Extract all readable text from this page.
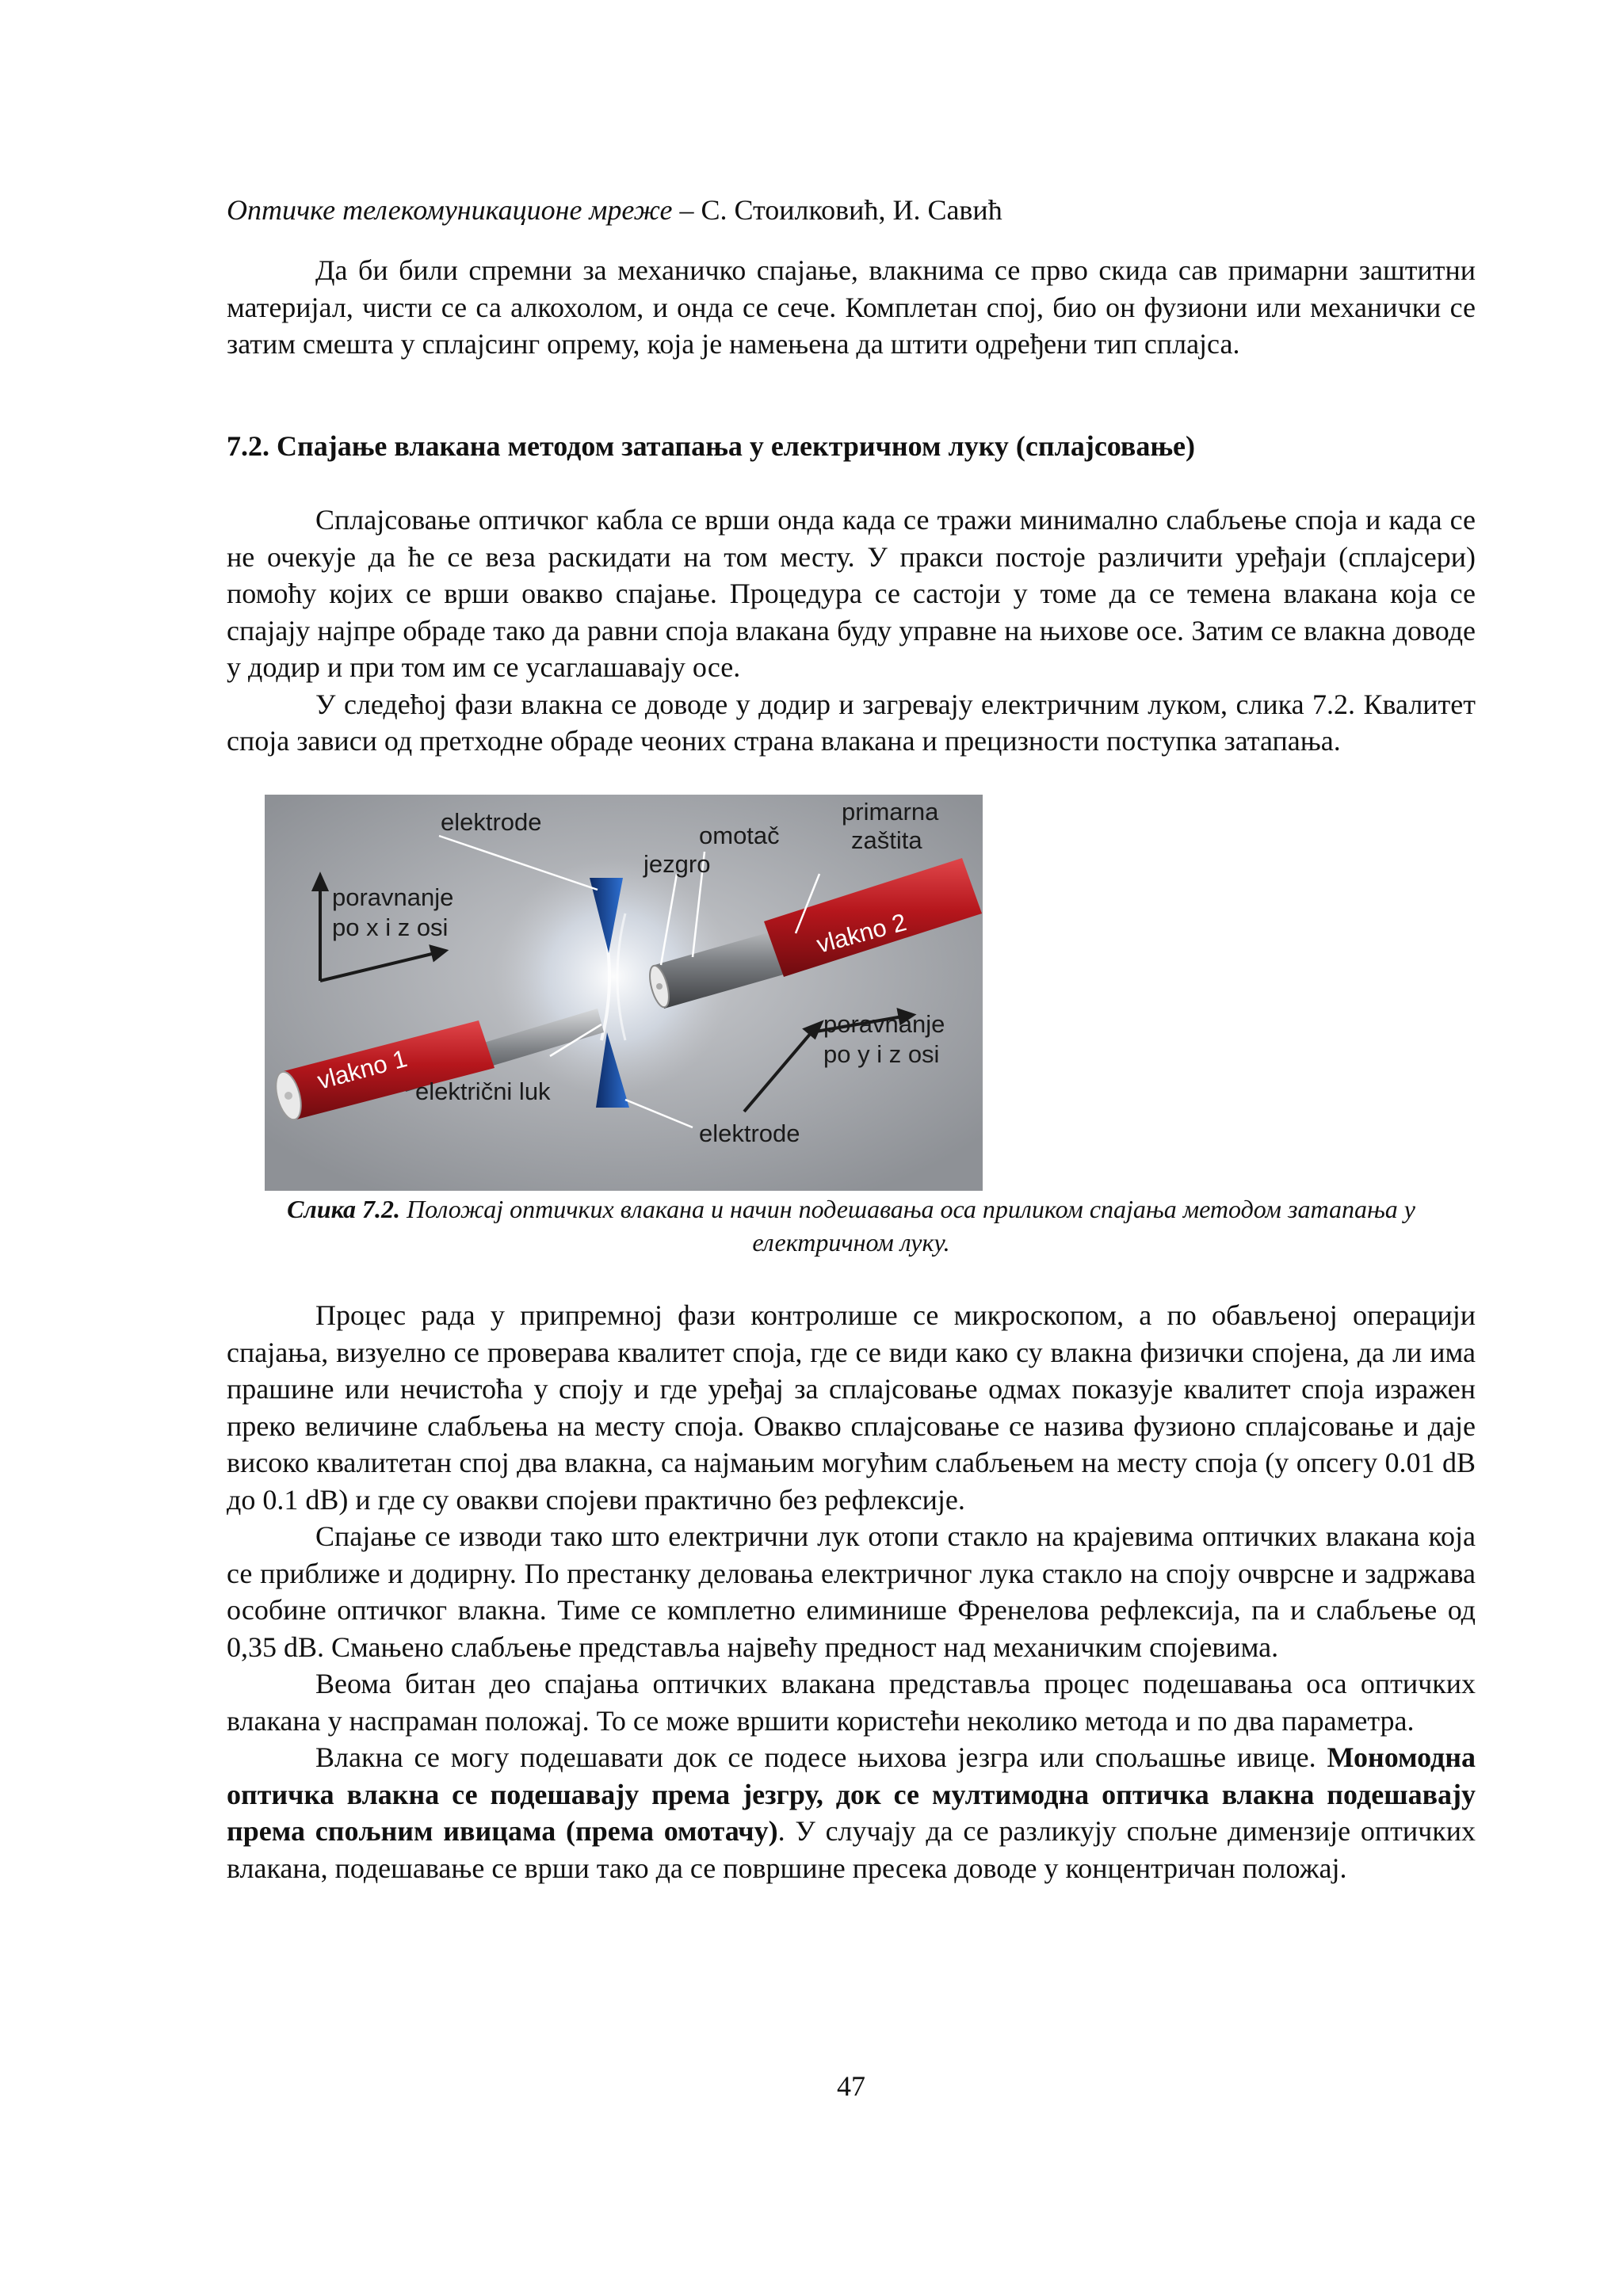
Оптичке телекомуникационе мреже – С. Стоилковић, И. Савић

Да би били спремни за механичко спајање, влакнима се прво скида сав примарни заштитни материјал, чисти се са алкохолом, и онда се сече. Комплетан спој, био он фузиони или механички се затим смешта у сплајсинг опрему, која је намењена да штити одређени тип сплајса.

7.2. Спајање влакана методом затапања у електричном луку (сплајсовање)

Сплајсовање оптичког кабла се врши онда када се тражи минимално слабљење споја и када се не очекује да ће се веза раскидати на том месту. У пракси постоје различити уређаји (сплајсери) помоћу којих се врши овакво спајање. Процедура се састоји у томе да се темена влакана која се спајају најпре обраде тако да равни споја влакана буду управне на њихове осе. Затим се влакна доводе у додир и при том им се усаглашавају осе.

У следећој фази влакна се доводе у додир и загревају електричним луком, слика 7.2. Квалитет споја зависи од претходне обраде чеоних страна влакана и прецизности поступка затапања.

elektrode
jezgro
omotač
primarna
zaštita
poravnanje
po x i z osi
vlakno 1
vlakno 2
poravnanje
po y i z osi
električni luk
elektrode
Слика 7.2. Положај оптичких влакана и начин подешавања оса приликом спајања методом затапања у електричном луку.

Процес рада у припремној фази контролише се микроскопом, а по обављеној операцији спајања, визуелно се проверава квалитет споја, где се види како су влакна физички спојена, да ли има прашине или нечистоћа у споју и где уређај за сплајсовање одмах показује квалитет споја изражен преко величине слабљења на месту споја. Овакво сплајсовање се назива фузионо сплајсовање и даје високо квалитетан спој два влакна, са најмањим могућим слабљењем на месту споја (у опсегу 0.01 dB до 0.1 dB) и где су овакви спојеви практично без рефлексије.

Спајање се изводи тако што електрични лук отопи стакло на крајевима оптичких влакана која се приближе и додирну. По престанку деловања електричног лука стакло на споју очврсне и задржава особине оптичког влакна. Тиме се комплетно елиминише Френелова рефлексија, па и слабљење од 0,35 dB. Смањено слабљење представља највећу предност над механичким спојевима.

Веома битан део спајања оптичких влакана представља процес подешавања оса оптичких влакана у наспраман положај. То се може вршити користећи неколико метода и по два параметра.

Влакна се могу подешавати док се подесе њихова језгра или спољашње ивице. Мономодна оптичка влакна се подешавају према језгру, док се мултимодна оптичка влакна подешавају према спољним ивицама (према омотачу). У случају да се разликују спољне димензије оптичких влакана, подешавање се врши тако да се површине пресека доводе у концентричан положај.

47
